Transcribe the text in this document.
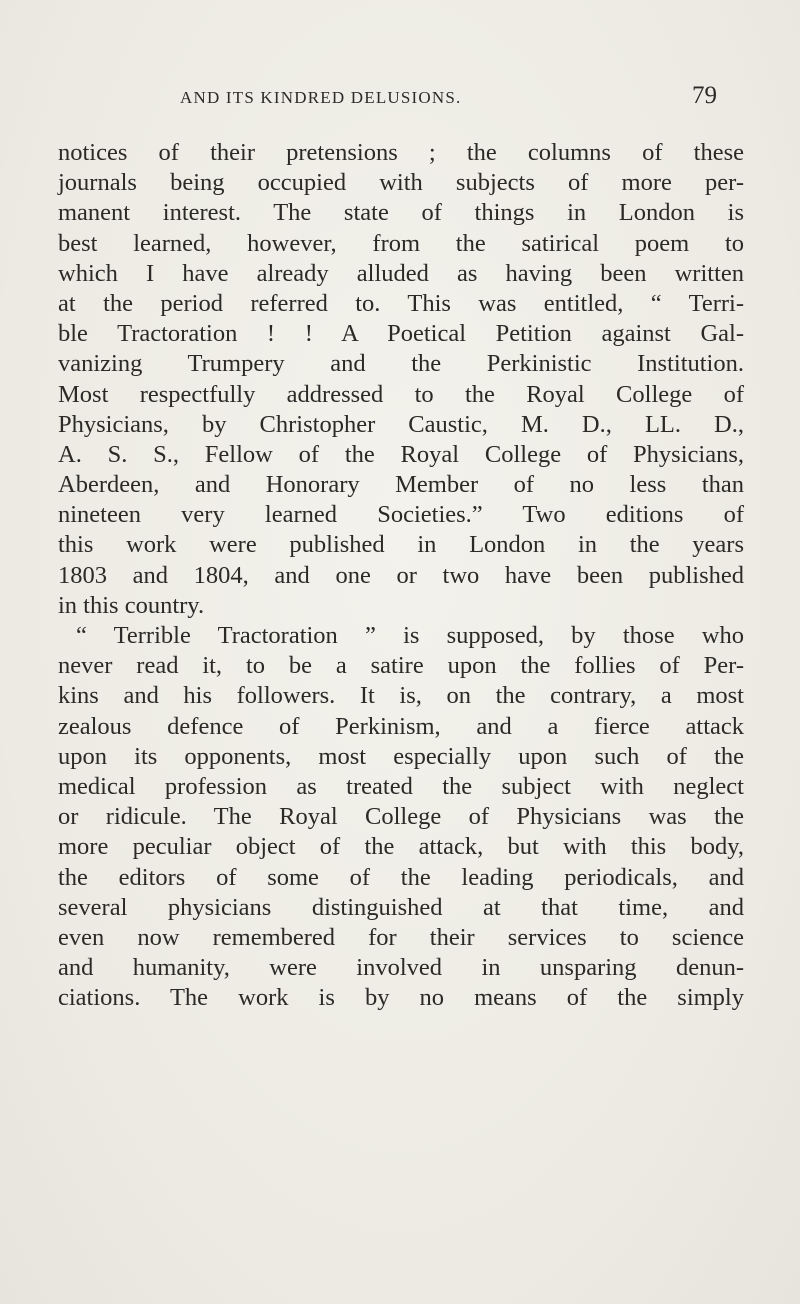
AND ITS KINDRED DELUSIONS.	79
notices of their pretensions ; the columns of these
journals being occupied with subjects of more per-
manent interest. The state of things in London is
best learned, however, from the satirical poem to
which I have already alluded as having been written
at the period referred to. This was entitled, “ Terri-
ble Tractoration ! ! A Poetical Petition against Gal-
vanizing Trumpery and the Perkinistic Institution.
Most respectfully addressed to the Royal College of
Physicians, by Christopher Caustic, M. D., LL. D.,
A. S. S., Fellow of the Royal College of Physicians,
Aberdeen, and Honorary Member of no less than
nineteen very learned Societies.” Two editions of
this work were published in London in the years
1803 and 1804, and one or two have been published
in this country.
“ Terrible Tractoration ” is supposed, by those who
never read it, to be a satire upon the follies of Per-
kins and his followers. It is, on the contrary, a most
zealous defence of Perkinism, and a fierce attack
upon its opponents, most especially upon such of the
medical profession as treated the subject with neglect
or ridicule. The Royal College of Physicians was the
more peculiar object of the attack, but with this body,
the editors of some of the leading periodicals, and
several physicians distinguished at that time, and
even now remembered for their services to science
and humanity, were involved in unsparing denun-
ciations. The work is by no means of the simply
